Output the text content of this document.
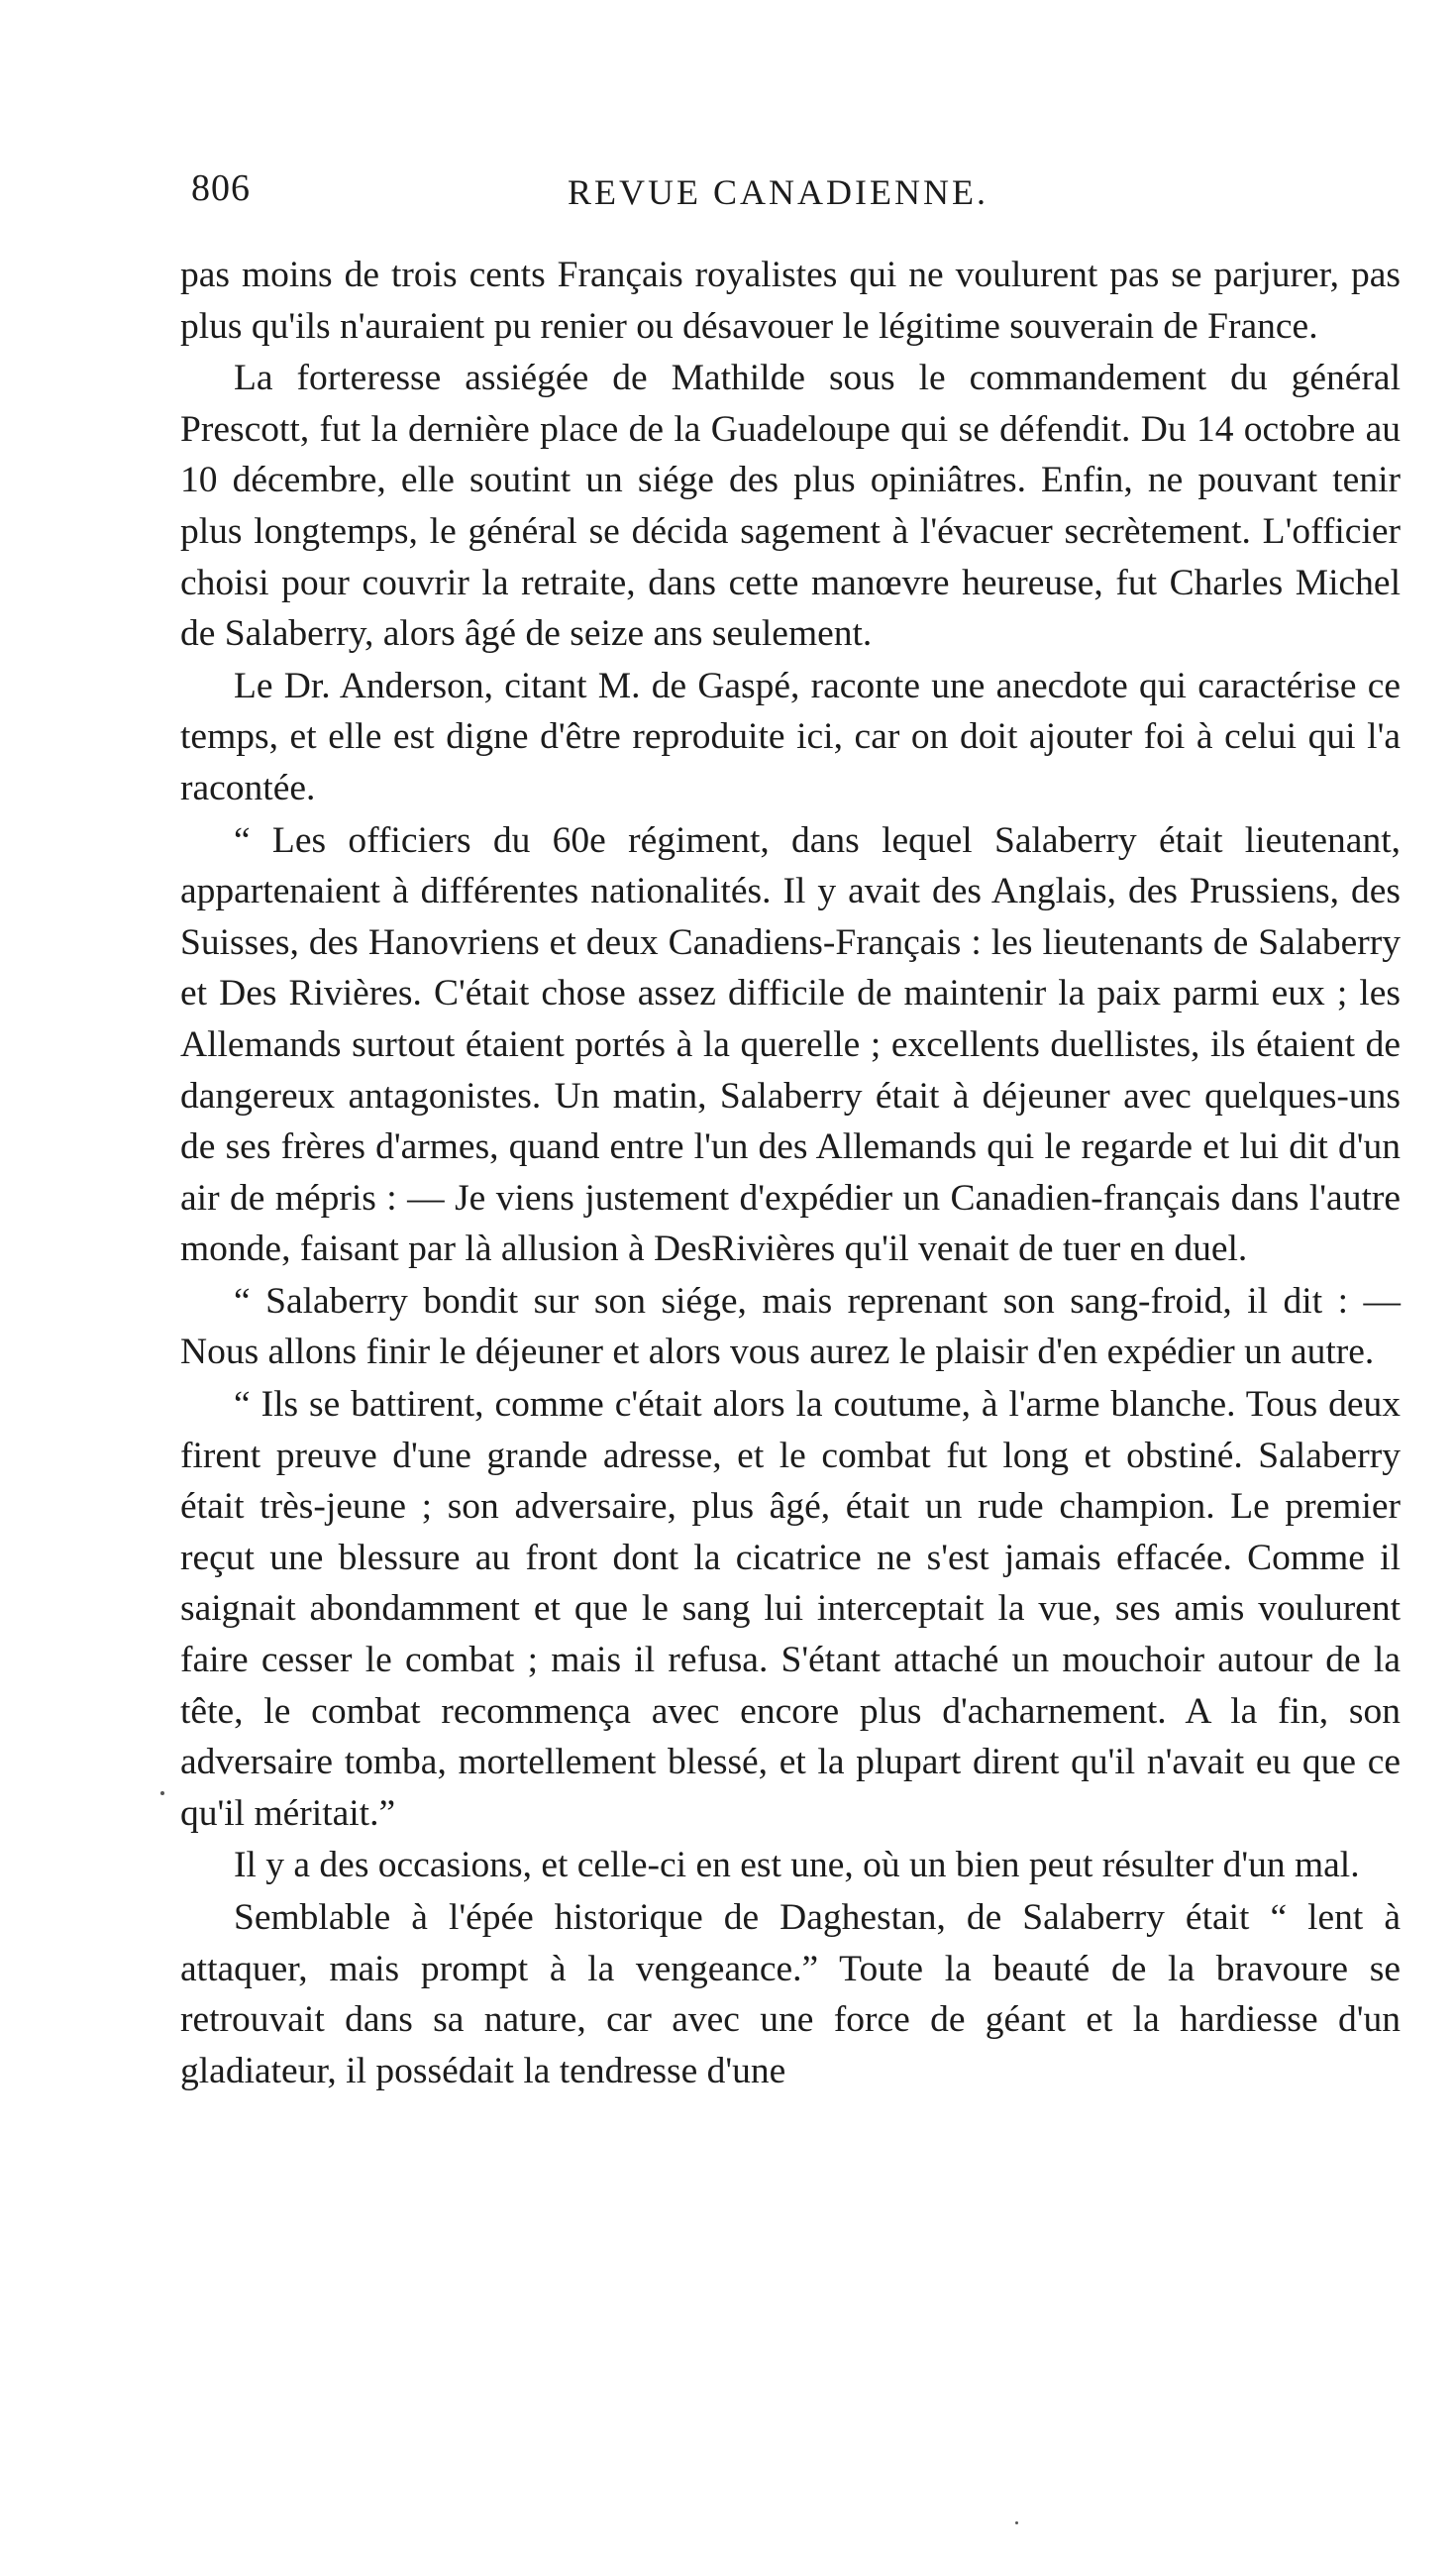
806	REVUE CANADIENNE.

pas moins de trois cents Français royalistes qui ne voulurent pas se parjurer, pas plus qu'ils n'auraient pu renier ou désavouer le légitime souverain de France.

La forteresse assiégée de Mathilde sous le commandement du général Prescott, fut la dernière place de la Guadeloupe qui se défendit. Du 14 octobre au 10 décembre, elle soutint un siége des plus opiniâtres. Enfin, ne pouvant tenir plus longtemps, le général se décida sagement à l'évacuer secrètement. L'officier choisi pour couvrir la retraite, dans cette manœvre heureuse, fut Charles Michel de Salaberry, alors âgé de seize ans seulement.

Le Dr. Anderson, citant M. de Gaspé, raconte une anecdote qui caractérise ce temps, et elle est digne d'être reproduite ici, car on doit ajouter foi à celui qui l'a racontée.

“ Les officiers du 60e régiment, dans lequel Salaberry était lieutenant, appartenaient à différentes nationalités. Il y avait des Anglais, des Prussiens, des Suisses, des Hanovriens et deux Canadiens-Français : les lieutenants de Salaberry et Des Rivières. C'était chose assez difficile de maintenir la paix parmi eux ; les Allemands surtout étaient portés à la querelle ; excellents duellistes, ils étaient de dangereux antagonistes. Un matin, Salaberry était à déjeuner avec quelques-uns de ses frères d'armes, quand entre l'un des Allemands qui le regarde et lui dit d'un air de mépris : — Je viens justement d'expédier un Canadien-français dans l'autre monde, faisant par là allusion à DesRivières qu'il venait de tuer en duel.

“ Salaberry bondit sur son siége, mais reprenant son sang-froid, il dit : — Nous allons finir le déjeuner et alors vous aurez le plaisir d'en expédier un autre.

“ Ils se battirent, comme c'était alors la coutume, à l'arme blanche. Tous deux firent preuve d'une grande adresse, et le combat fut long et obstiné. Salaberry était très-jeune ; son adversaire, plus âgé, était un rude champion. Le premier reçut une blessure au front dont la cicatrice ne s'est jamais effacée. Comme il saignait abondamment et que le sang lui interceptait la vue, ses amis voulurent faire cesser le combat ; mais il refusa. S'étant attaché un mouchoir autour de la tête, le combat recommença avec encore plus d'acharnement. A la fin, son adversaire tomba, mortellement blessé, et la plupart dirent qu'il n'avait eu que ce qu'il méritait.”

Il y a des occasions, et celle-ci en est une, où un bien peut résulter d'un mal.

Semblable à l'épée historique de Daghestan, de Salaberry était “ lent à attaquer, mais prompt à la vengeance.” Toute la beauté de la bravoure se retrouvait dans sa nature, car avec une force de géant et la hardiesse d'un gladiateur, il possédait la tendresse d'une
